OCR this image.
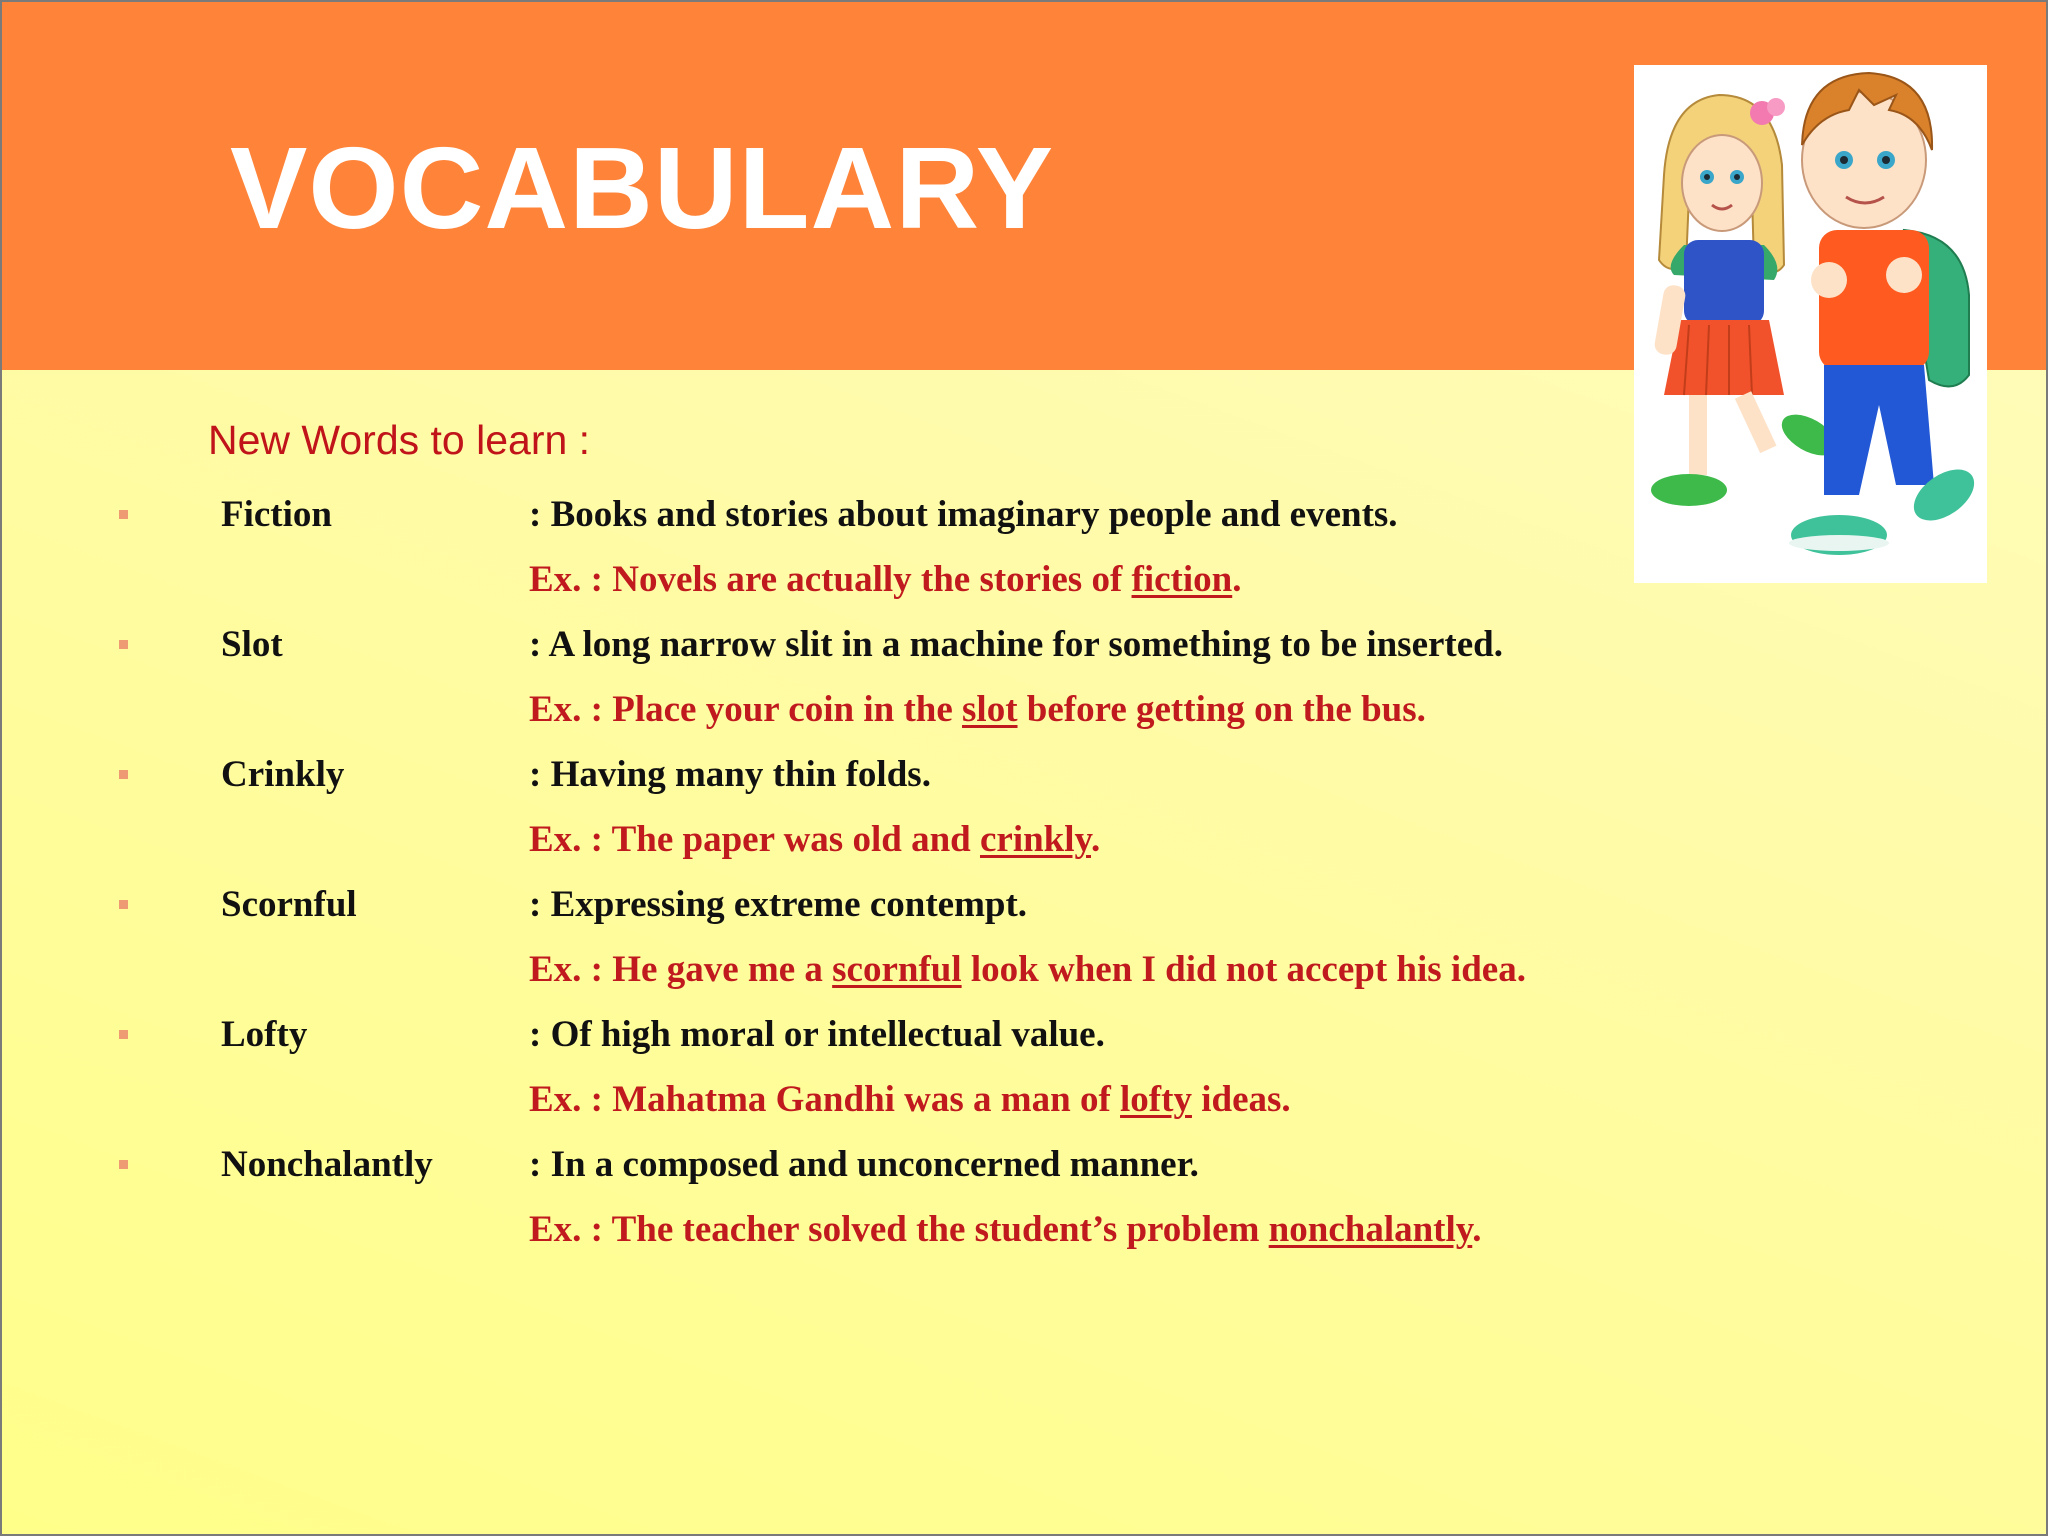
VOCABULARY
New Words to learn :
Fiction	: Books and stories about imaginary people and events.
Ex. : Novels are actually the stories of fiction.
Slot	: A long narrow slit in a machine for something to be inserted.
Ex. : Place your coin in the slot before getting on the bus.
Crinkly	: Having many thin folds.
Ex. : The paper was old and crinkly.
Scornful	: Expressing extreme contempt.
Ex. : He gave me a scornful look when I did not accept his idea.
Lofty	: Of high moral or intellectual value.
Ex. : Mahatma Gandhi was a man of lofty ideas.
Nonchalantly	: In a composed and unconcerned manner.
Ex. : The teacher solved the student’s problem nonchalantly.
